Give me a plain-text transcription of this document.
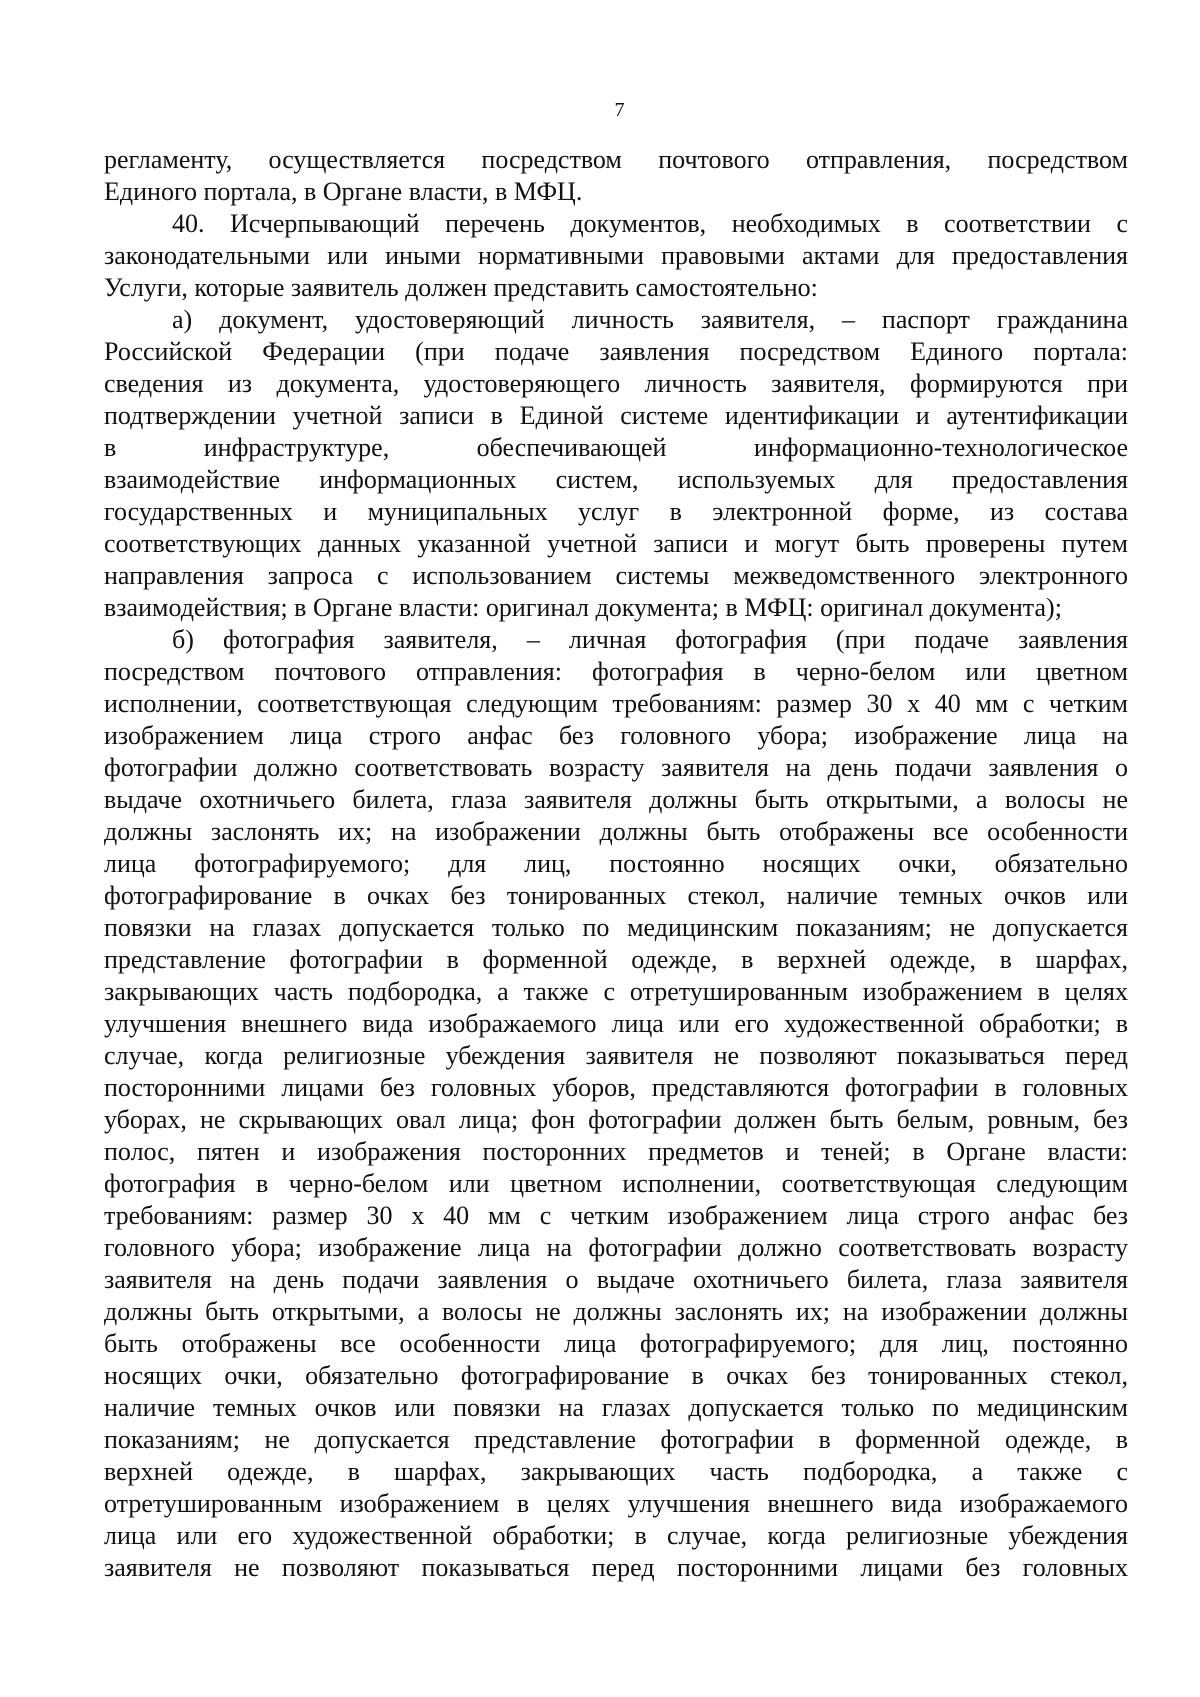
7
регламенту, осуществляется посредством почтового отправления, посредством
Единого портала, в Органе власти, в МФЦ.
40. Исчерпывающий перечень документов, необходимых в соответствии с
законодательными или иными нормативными правовыми актами для предоставления
Услуги, которые заявитель должен представить самостоятельно:
а) документ, удостоверяющий личность заявителя, – паспорт гражданина
Российской Федерации (при подаче заявления посредством Единого портала:
сведения из документа, удостоверяющего личность заявителя, формируются при
подтверждении учетной записи в Единой системе идентификации и аутентификации
в инфраструктуре, обеспечивающей информационно-технологическое
взаимодействие информационных систем, используемых для предоставления
государственных и муниципальных услуг в электронной форме, из состава
соответствующих данных указанной учетной записи и могут быть проверены путем
направления запроса с использованием системы межведомственного электронного
взаимодействия; в Органе власти: оригинал документа; в МФЦ: оригинал документа);
б) фотография заявителя, – личная фотография (при подаче заявления
посредством почтового отправления: фотография в черно-белом или цветном
исполнении, соответствующая следующим требованиям: размер 30 х 40 мм с четким
изображением лица строго анфас без головного убора; изображение лица на
фотографии должно соответствовать возрасту заявителя на день подачи заявления о
выдаче охотничьего билета, глаза заявителя должны быть открытыми, а волосы не
должны заслонять их; на изображении должны быть отображены все особенности
лица фотографируемого; для лиц, постоянно носящих очки, обязательно
фотографирование в очках без тонированных стекол, наличие темных очков или
повязки на глазах допускается только по медицинским показаниям; не допускается
представление фотографии в форменной одежде, в верхней одежде, в шарфах,
закрывающих часть подбородка, а также с отретушированным изображением в целях
улучшения внешнего вида изображаемого лица или его художественной обработки; в
случае, когда религиозные убеждения заявителя не позволяют показываться перед
посторонними лицами без головных уборов, представляются фотографии в головных
уборах, не скрывающих овал лица; фон фотографии должен быть белым, ровным, без
полос, пятен и изображения посторонних предметов и теней; в Органе власти:
фотография в черно-белом или цветном исполнении, соответствующая следующим
требованиям: размер 30 х 40 мм с четким изображением лица строго анфас без
головного убора; изображение лица на фотографии должно соответствовать возрасту
заявителя на день подачи заявления о выдаче охотничьего билета, глаза заявителя
должны быть открытыми, а волосы не должны заслонять их; на изображении должны
быть отображены все особенности лица фотографируемого; для лиц, постоянно
носящих очки, обязательно фотографирование в очках без тонированных стекол,
наличие темных очков или повязки на глазах допускается только по медицинским
показаниям; не допускается представление фотографии в форменной одежде, в
верхней одежде, в шарфах, закрывающих часть подбородка, а также с
отретушированным изображением в целях улучшения внешнего вида изображаемого
лица или его художественной обработки; в случае, когда религиозные убеждения
заявителя не позволяют показываться перед посторонними лицами без головных
